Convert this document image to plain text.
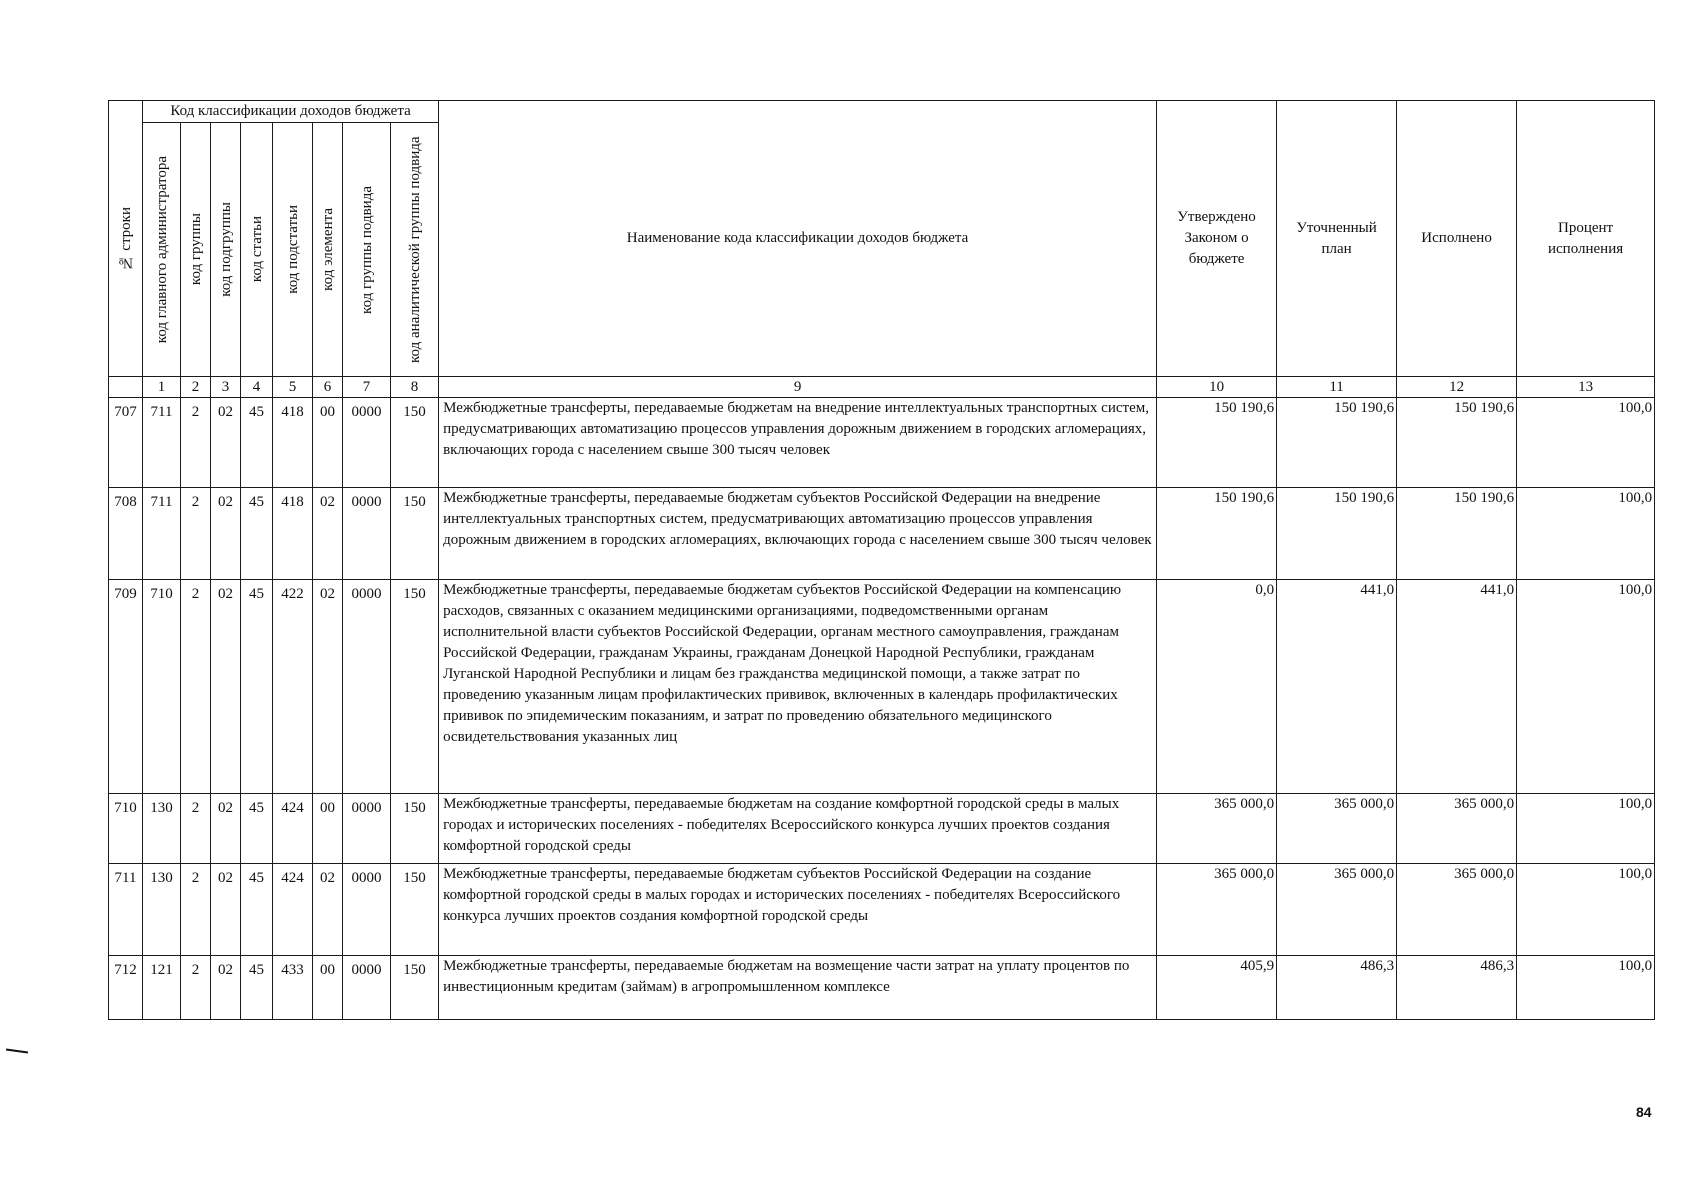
№ строки	Код классификации доходов бюджета								Наименование кода классификации доходов бюджета	Утверждено Законом о бюджете	Уточненный план	Исполнено	Процент исполнения

	код главного администратора	код группы	код подгруппы	код статьи	код подстатьи	код элемента	код группы подвида	код аналитической группы подвида					

	1	2	3	4	5	6	7	8	9	10	11	12	13
707	711	2	02	45	418	00	0000	150	Межбюджетные трансферты, передаваемые бюджетам на внедрение интеллектуальных транспортных систем, предусматривающих автоматизацию процессов управления дорожным движением в городских агломерациях, включающих города с населением свыше 300 тысяч человек	150 190,6	150 190,6	150 190,6	100,0
708	711	2	02	45	418	02	0000	150	Межбюджетные трансферты, передаваемые бюджетам субъектов Российской Федерации на внедрение интеллектуальных транспортных систем, предусматривающих автоматизацию процессов управления дорожным движением в городских агломерациях, включающих города с населением свыше 300 тысяч человек	150 190,6	150 190,6	150 190,6	100,0
709	710	2	02	45	422	02	0000	150	Межбюджетные трансферты, передаваемые бюджетам субъектов Российской Федерации на компенсацию расходов, связанных с оказанием медицинскими организациями, подведомственными органам исполнительной власти субъектов Российской Федерации, органам местного самоуправления, гражданам Российской Федерации, гражданам Украины, гражданам Донецкой Народной Республики, гражданам Луганской Народной Республики и лицам без гражданства медицинской помощи, а также затрат по проведению указанным лицам профилактических прививок, включенных в календарь профилактических прививок по эпидемическим показаниям, и затрат по проведению обязательного медицинского освидетельствования указанных лиц	0,0	441,0	441,0	100,0
710	130	2	02	45	424	00	0000	150	Межбюджетные трансферты, передаваемые бюджетам на создание комфортной городской среды в малых городах и исторических поселениях - победителях Всероссийского конкурса лучших проектов создания комфортной городской среды	365 000,0	365 000,0	365 000,0	100,0
711	130	2	02	45	424	02	0000	150	Межбюджетные трансферты, передаваемые бюджетам субъектов Российской Федерации на создание комфортной городской среды в малых городах и исторических поселениях - победителях Всероссийского конкурса лучших проектов создания комфортной городской среды	365 000,0	365 000,0	365 000,0	100,0
712	121	2	02	45	433	00	0000	150	Межбюджетные трансферты, передаваемые бюджетам на возмещение части затрат на уплату процентов по инвестиционным кредитам (займам) в агропромышленном комплексе	405,9	486,3	486,3	100,0
84
